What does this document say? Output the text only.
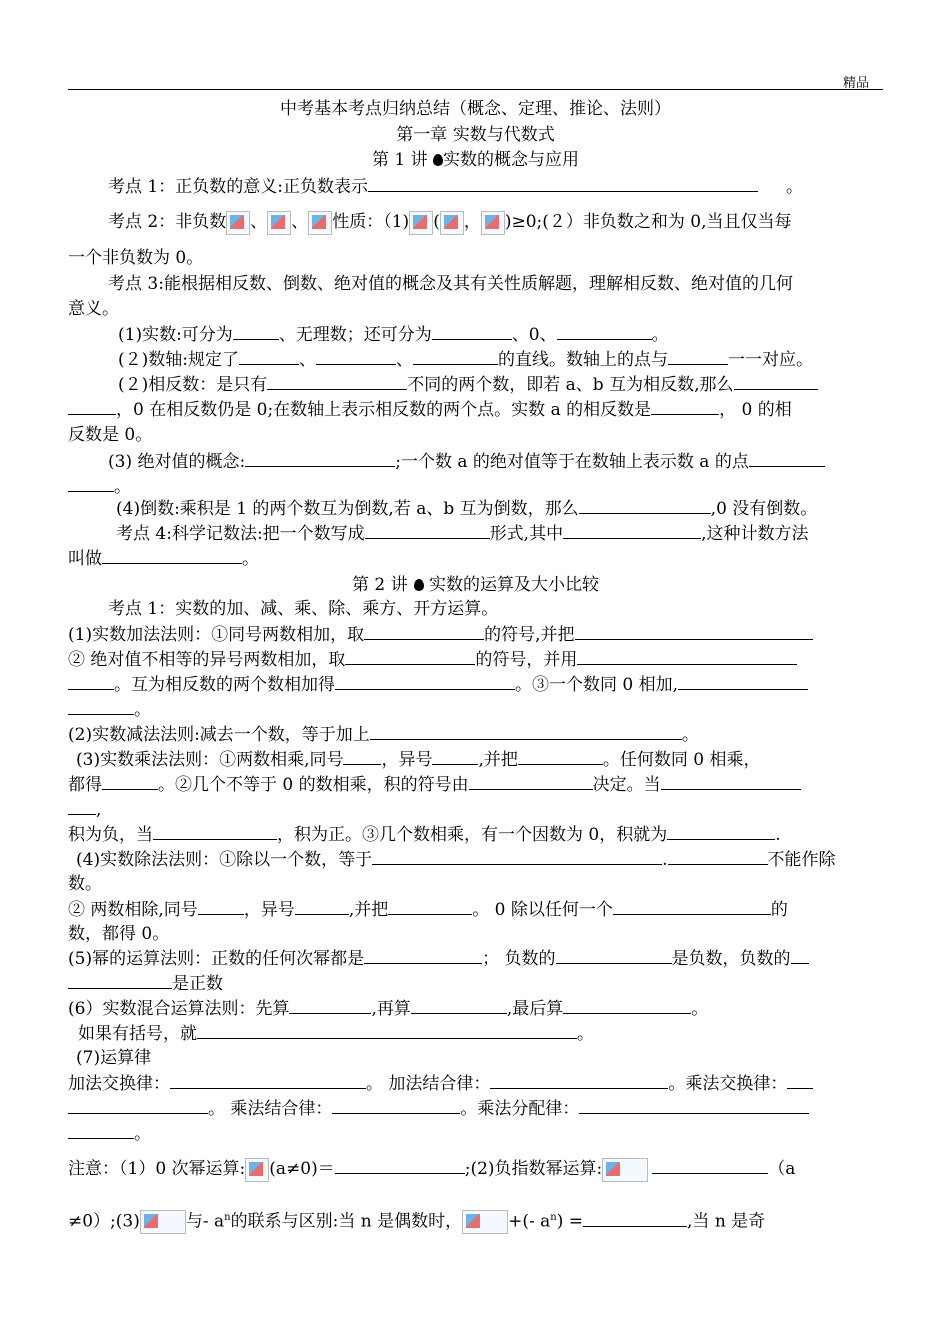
精品
中考基本考点归纳总结（概念、定理、推论、法则）
第一章 实数与代数式
第 1 讲 实数的概念与应用
考点 1：正负数的意义:正负数表示	。
考点 2：非负数 、 、 性质：（1) ( ， )≥0;(２）非负数之和为 0,当且仅当每
一个非负数为 0。
考点 3:能根据相反数、倒数、绝对值的概念及其有关性质解题，理解相反数、绝对值的几何
意义。
(1)实数:可分为	、无理数；还可分为	、0、	。
(２)数轴:规定了	、	、	的直线。数轴上的点与	一一对应。
(２)相反数：是只有	不同的两个数，即若 a、b 互为相反数,那么
，0 在相反数仍是 0;在数轴上表示相反数的两个点。实数 a 的相反数是	， 0 的相
反数是 0。
(3) 绝对值的概念:	;一个数 a 的绝对值等于在数轴上表示数 a 的点
。
(4)倒数:乘积是 1 的两个数互为倒数,若 a、b 互为倒数，那么	,0 没有倒数。
考点 4:科学记数法:把一个数写成	形式,其中	,这种计数方法
叫做	。
第 2 讲 实数的运算及大小比较
考点 1：实数的加、减、乘、除、乘方、开方运算。
(1)实数加法法则：①同号两数相加，取	的符号,并把
② 绝对值不相等的异号两数相加，取	的符号，并用
。互为相反数的两个数相加得	。③一个数同 0 相加,
。
(2)实数减法法则:减去一个数，等于加上	。
(3)实数乘法法则：①两数相乘,同号 ，异号	,并把	。任何数同 0 相乘，
都得	。②几个不等于 0 的数相乘，积的符号由	决定。当
,
积为负，当	，积为正。③几个数相乘，有一个因数为 0，积就为	.
(4)实数除法法则：①除以一个数，等于	.	不能作除
数。
② 两数相除,同号	，异号	,并把	。 0 除以任何一个	的
数，都得 0。
(5)幂的运算法则：正数的任何次幂都是	； 负数的	是负数，负数的
是正数
(6）实数混合运算法则：先算	,再算	,最后算	。
如果有括号，就	。
(7)运算律
加法交换律：	。 加法结合律：	。乘法交换律：
。 乘法结合律：	。乘法分配律：
。
注意：（1）0 次幂运算: (a≠0)＝	;(2)负指数幂运算:	（a
≠0）;(3)	与- $a^n$的联系与区别:当 n 是偶数时，	+(- $a^n$) =	,当 n 是奇
